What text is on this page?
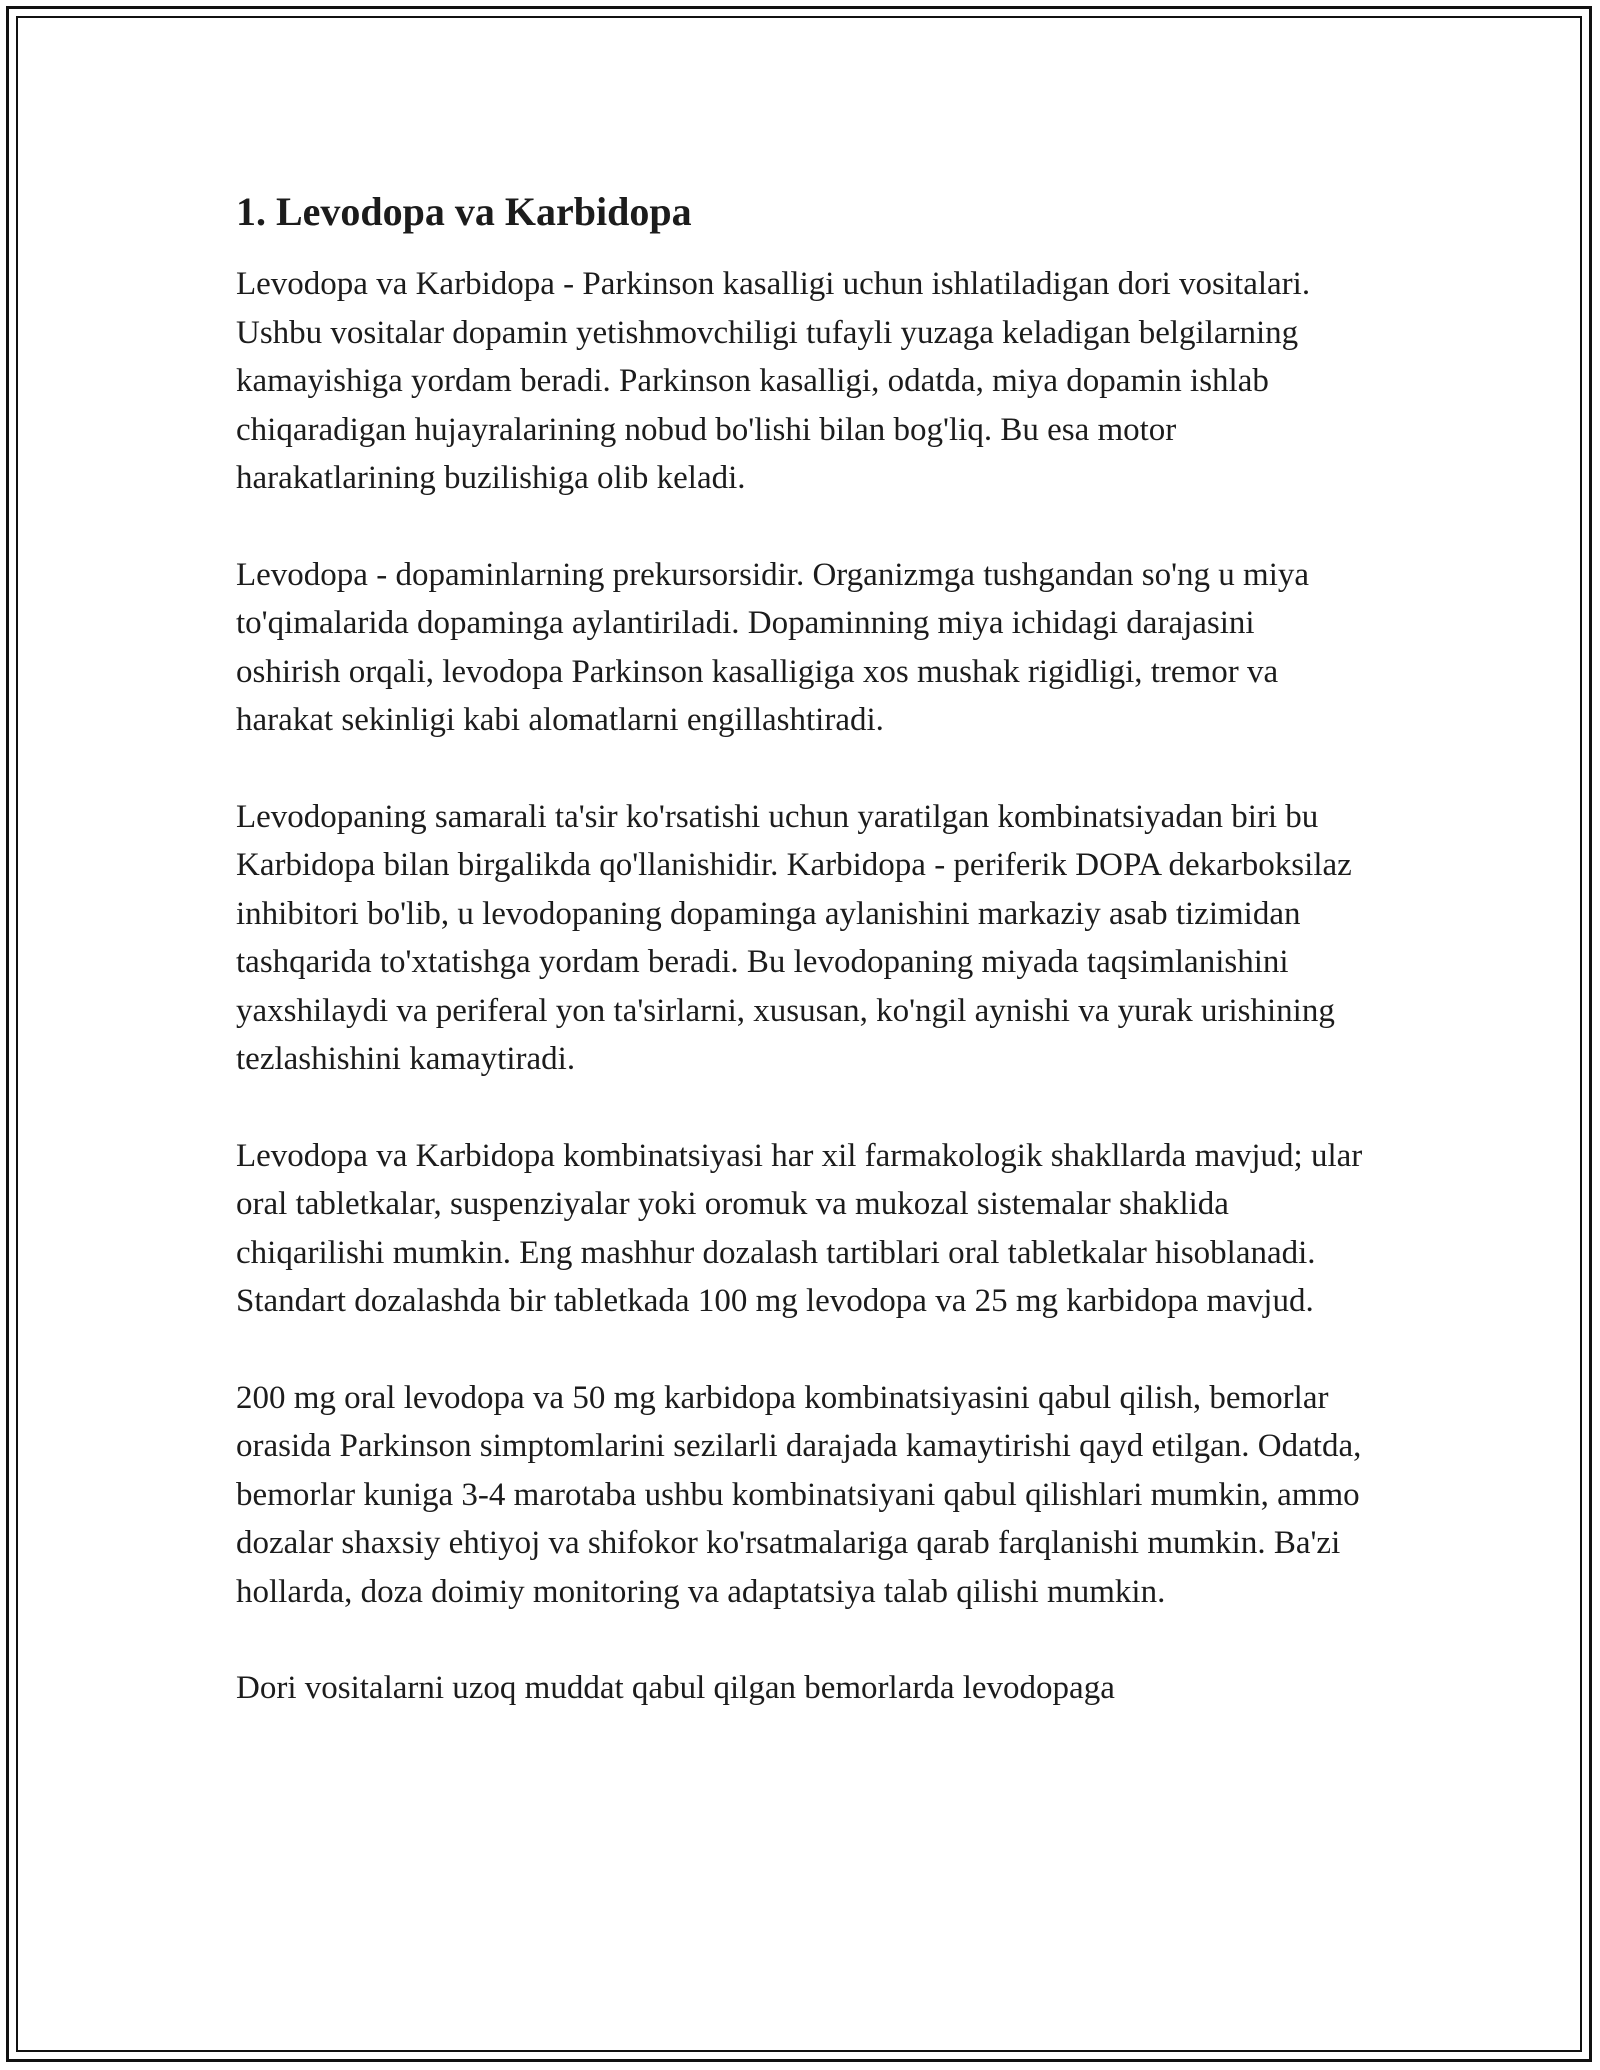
1. Levodopa va Karbidopa

Levodopa va Karbidopa - Parkinson kasalligi uchun ishlatiladigan dori vositalari. Ushbu vositalar dopamin yetishmovchiligi tufayli yuzaga keladigan belgilarning kamayishiga yordam beradi. Parkinson kasalligi, odatda, miya dopamin ishlab chiqaradigan hujayralarining nobud bo'lishi bilan bog'liq. Bu esa motor harakatlarining buzilishiga olib keladi.

Levodopa - dopaminlarning prekursorsidir. Organizmga tushgandan so'ng u miya to'qimalarida dopaminga aylantiriladi. Dopaminning miya ichidagi darajasini oshirish orqali, levodopa Parkinson kasalligiga xos mushak rigidligi, tremor va harakat sekinligi kabi alomatlarni engillashtiradi.

Levodopaning samarali ta'sir ko'rsatishi uchun yaratilgan kombinatsiyadan biri bu Karbidopa bilan birgalikda qo'llanishidir. Karbidopa - periferik DOPA dekarboksilaz inhibitori bo'lib, u levodopaning dopaminga aylanishini markaziy asab tizimidan tashqarida to'xtatishga yordam beradi. Bu levodopaning miyada taqsimlanishini yaxshilaydi va periferal yon ta'sirlarni, xususan, ko'ngil aynishi va yurak urishining tezlashishini kamaytiradi.

Levodopa va Karbidopa kombinatsiyasi har xil farmakologik shakllarda mavjud; ular oral tabletkalar, suspenziyalar yoki oromuk va mukozal sistemalar shaklida chiqarilishi mumkin. Eng mashhur dozalash tartiblari oral tabletkalar hisoblanadi. Standart dozalashda bir tabletkada 100 mg levodopa va 25 mg karbidopa mavjud.

200 mg oral levodopa va 50 mg karbidopa kombinatsiyasini qabul qilish, bemorlar orasida Parkinson simptomlarini sezilarli darajada kamaytirishi qayd etilgan. Odatda, bemorlar kuniga 3-4 marotaba ushbu kombinatsiyani qabul qilishlari mumkin, ammo dozalar shaxsiy ehtiyoj va shifokor ko'rsatmalariga qarab farqlanishi mumkin. Ba'zi hollarda, doza doimiy monitoring va adaptatsiya talab qilishi mumkin.

Dori vositalarni uzoq muddat qabul qilgan bemorlarda levodopaga
